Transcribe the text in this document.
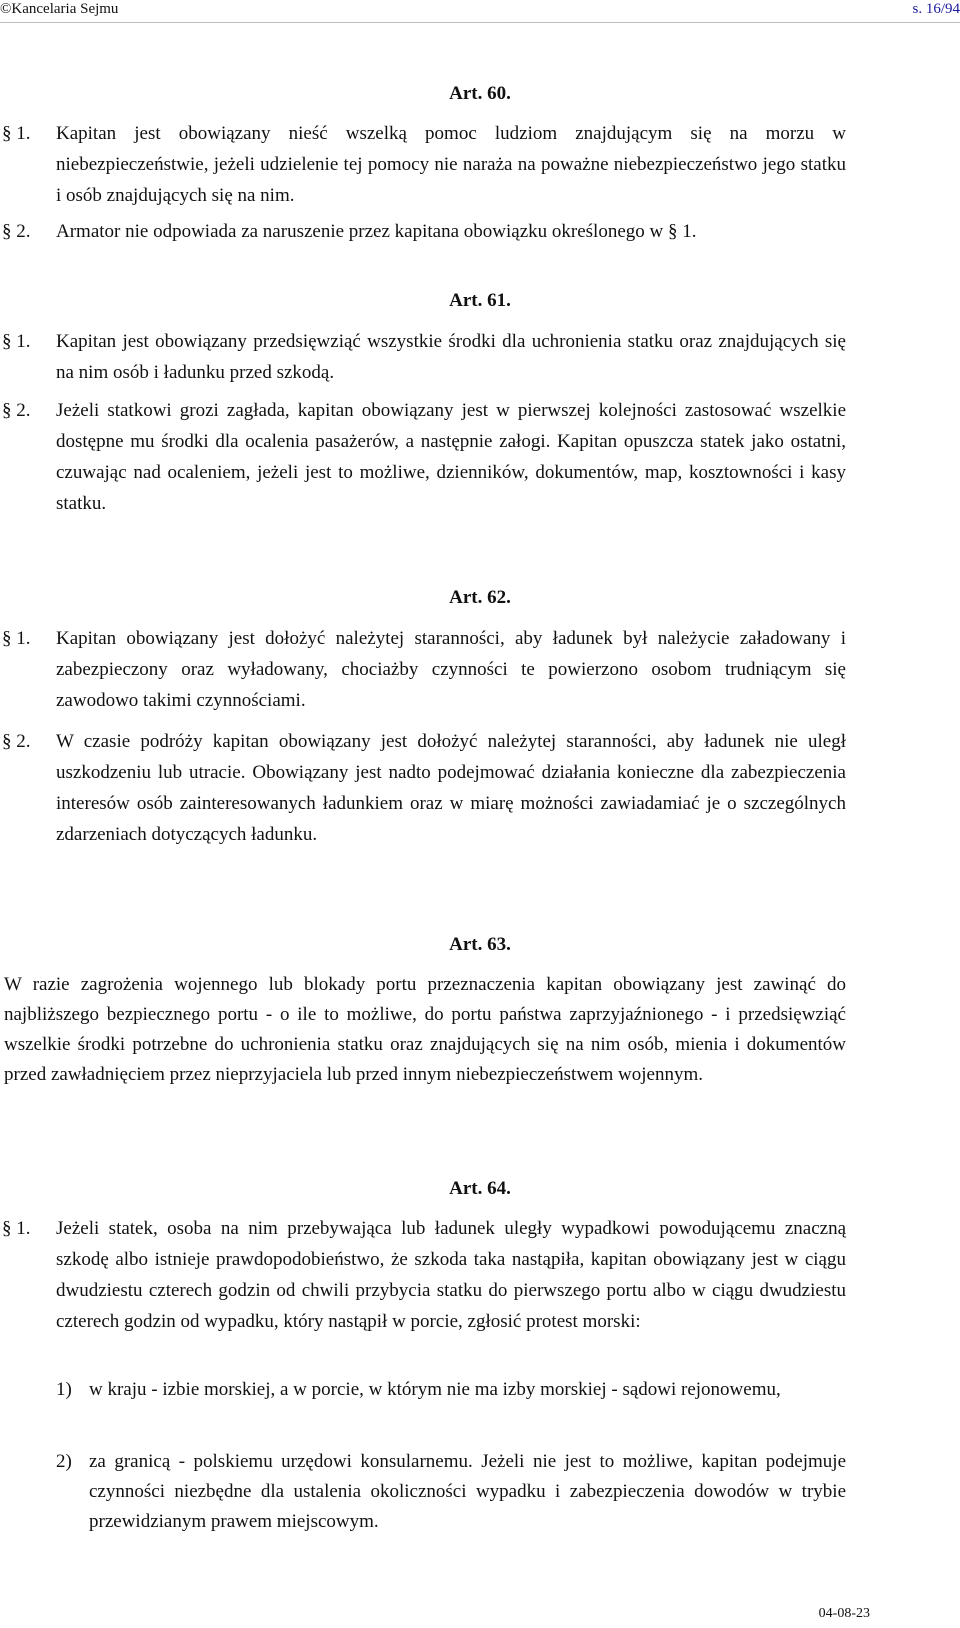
©Kancelaria Sejmu	s. 16/94
Art. 60.
§ 1. Kapitan jest obowiązany nieść wszelką pomoc ludziom znajdującym się na morzu w niebezpieczeństwie, jeżeli udzielenie tej pomocy nie naraża na poważne niebezpieczeństwo jego statku i osób znajdujących się na nim.
§ 2. Armator nie odpowiada za naruszenie przez kapitana obowiązku określonego w § 1.
Art. 61.
§ 1. Kapitan jest obowiązany przedsięwziąć wszystkie środki dla uchronienia statku oraz znajdujących się na nim osób i ładunku przed szkodą.
§ 2. Jeżeli statkowi grozi zagłada, kapitan obowiązany jest w pierwszej kolejności zastosować wszelkie dostępne mu środki dla ocalenia pasażerów, a następnie załogi. Kapitan opuszcza statek jako ostatni, czuwając nad ocaleniem, jeżeli jest to możliwe, dzienników, dokumentów, map, kosztowności i kasy statku.
Art. 62.
§ 1. Kapitan obowiązany jest dołożyć należytej staranności, aby ładunek był należycie załadowany i zabezpieczony oraz wyładowany, chociażby czynności te powierzono osobom trudniącym się zawodowo takimi czynnościami.
§ 2. W czasie podróży kapitan obowiązany jest dołożyć należytej staranności, aby ładunek nie uległ uszkodzeniu lub utracie. Obowiązany jest nadto podejmować działania konieczne dla zabezpieczenia interesów osób zainteresowanych ładunkiem oraz w miarę możności zawiadamiać je o szczególnych zdarzeniach dotyczących ładunku.
Art. 63.
W razie zagrożenia wojennego lub blokady portu przeznaczenia kapitan obowiązany jest zawinąć do najbliższego bezpiecznego portu - o ile to możliwe, do portu państwa zaprzyjaźnionego - i przedsięwziąć wszelkie środki potrzebne do uchronienia statku oraz znajdujących się na nim osób, mienia i dokumentów przed zawładnięciem przez nieprzyjaciela lub przed innym niebezpieczeństwem wojennym.
Art. 64.
§ 1. Jeżeli statek, osoba na nim przebywająca lub ładunek uległy wypadkowi powodującemu znaczną szkodę albo istnieje prawdopodobieństwo, że szkoda taka nastąpiła, kapitan obowiązany jest w ciągu dwudziestu czterech godzin od chwili przybycia statku do pierwszego portu albo w ciągu dwudziestu czterech godzin od wypadku, który nastąpił w porcie, zgłosić protest morski:
1) w kraju - izbie morskiej, a w porcie, w którym nie ma izby morskiej - sądowi rejonowemu,
2) za granicą - polskiemu urzędowi konsularnemu. Jeżeli nie jest to możliwe, kapitan podejmuje czynności niezbędne dla ustalenia okoliczności wypadku i zabezpieczenia dowodów w trybie przewidzianym prawem miejscowym.
04-08-23
